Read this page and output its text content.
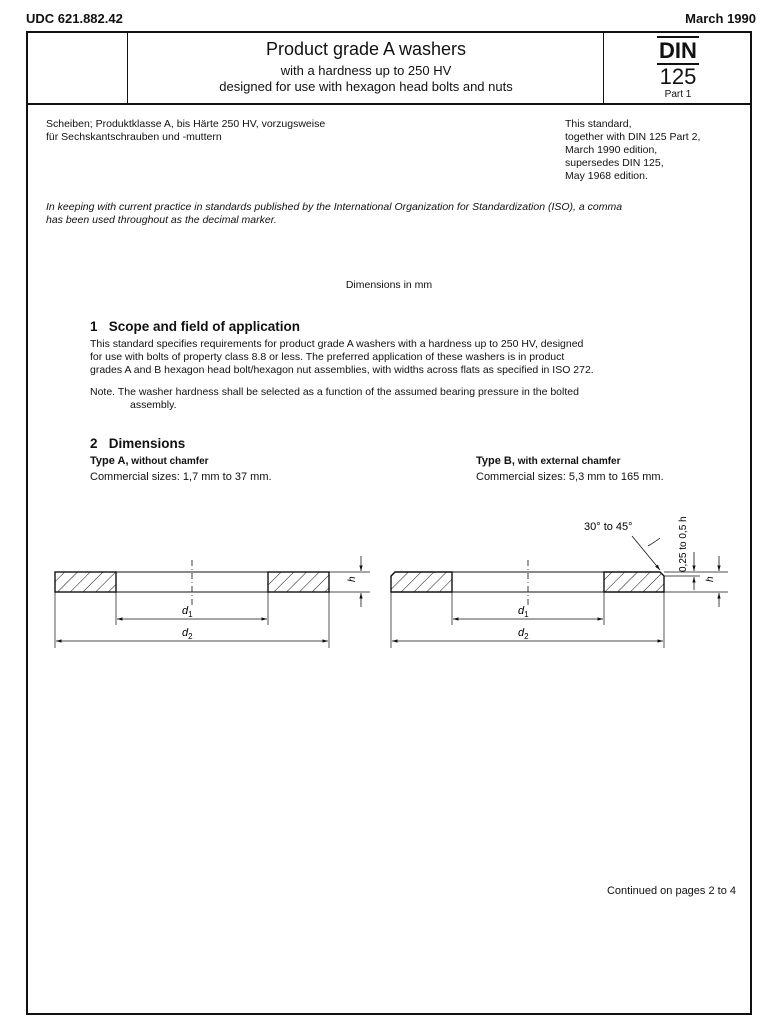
UDC 621.882.42	March 1990
Product grade A washers
with a hardness up to 250 HV
designed for use with hexagon head bolts and nuts
DIN
125
Part 1
Scheiben; Produktklasse A, bis Härte 250 HV, vorzugsweise
für Sechskantschrauben und -muttern
This standard,
together with DIN 125 Part 2,
March 1990 edition,
supersedes DIN 125,
May 1968 edition.
In keeping with current practice in standards published by the International Organization for Standardization (ISO), a comma
has been used throughout as the decimal marker.
Dimensions in mm
1 Scope and field of application
This standard specifies requirements for product grade A washers with a hardness up to 250 HV, designed
for use with bolts of property class 8.8 or less. The preferred application of these washers is in product
grades A and B hexagon head bolt/hexagon nut assemblies, with widths across flats as specified in ISO 272.
Note. The washer hardness shall be selected as a function of the assumed bearing pressure in the bolted
assembly.
2 Dimensions
Type A, without chamfer
Commercial sizes: 1,7 mm to 37 mm.
Type B, with external chamfer
Commercial sizes: 5,3 mm to 165 mm.
h
$d_1$
$d_2$
h
0,25 to 0,5 h
30° to 45°
$d_1$
$d_2$
Continued on pages 2 to 4
